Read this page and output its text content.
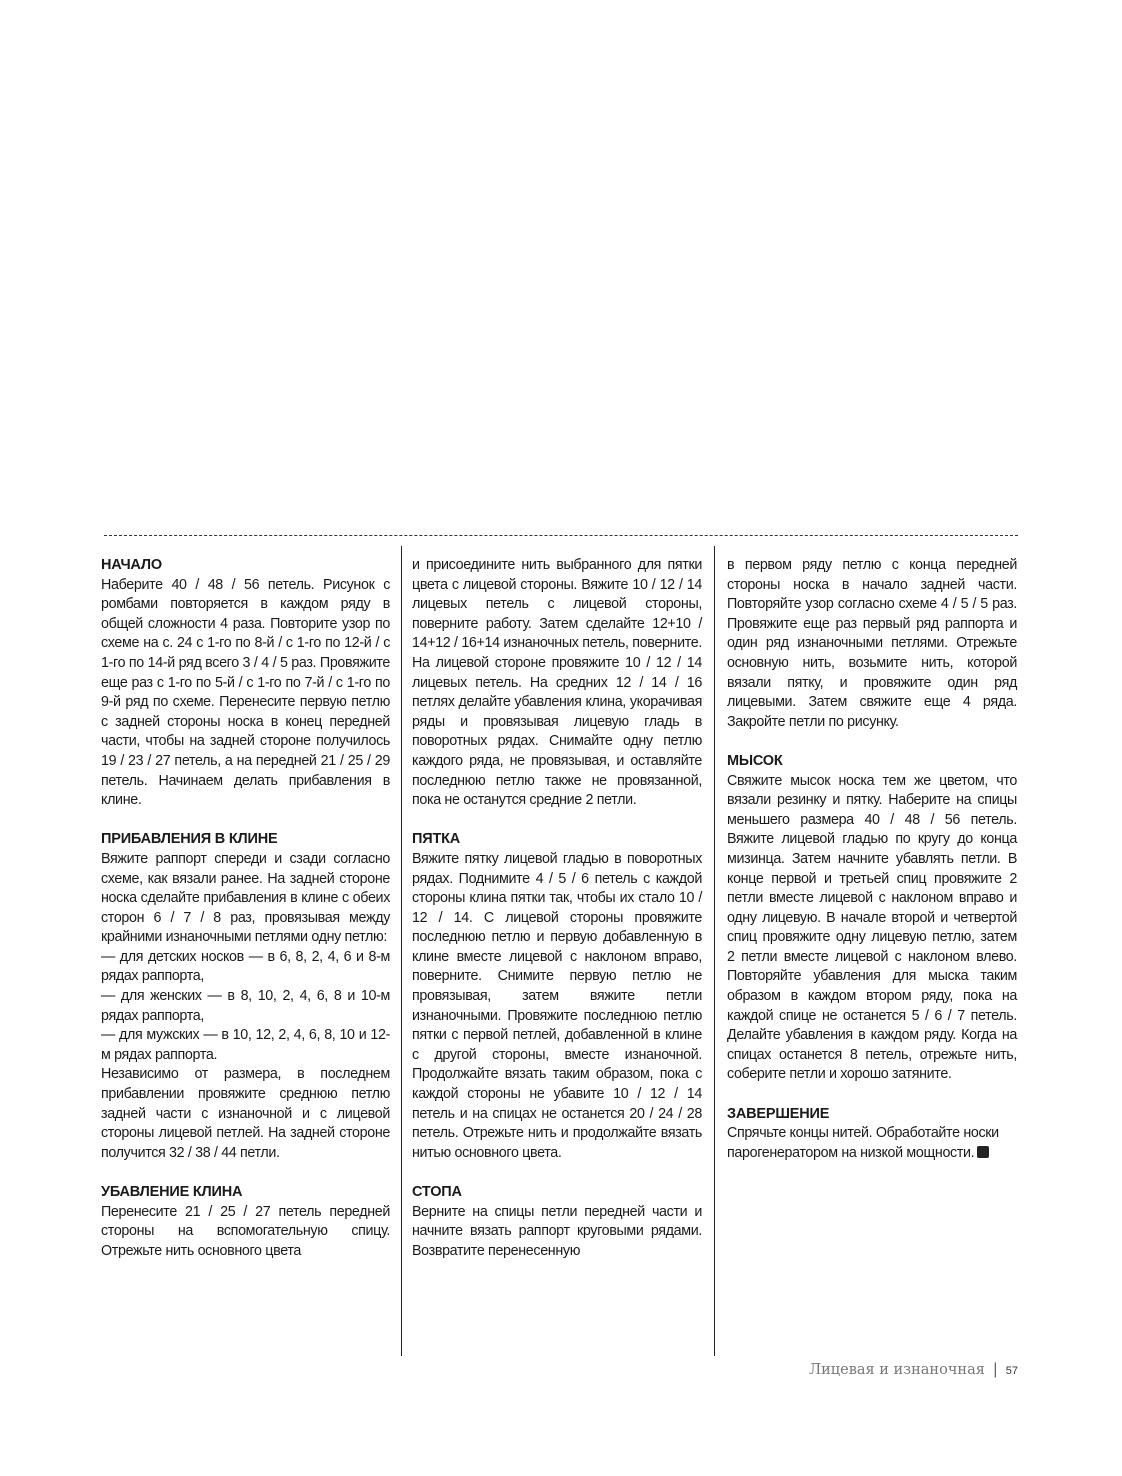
НАЧАЛО

Наберите 40 / 48 / 56 петель. Рисунок с ромбами повторяется в каждом ряду в общей сложности 4 раза. Повторите узор по схеме на с. 24 с 1-го по 8-й / с 1-го по 12-й / с 1-го по 14-й ряд всего 3 / 4 / 5 раз. Провяжите еще раз с 1-го по 5-й / с 1-го по 7-й / с 1-го по 9-й ряд по схеме. Перенесите первую петлю с задней стороны носка в конец передней части, чтобы на задней стороне получилось 19 / 23 / 27 петель, а на передней 21 / 25 / 29 петель. Начинаем делать прибавления в клине.

ПРИБАВЛЕНИЯ В КЛИНЕ

Вяжите раппорт спереди и сзади согласно схеме, как вязали ранее. На задней стороне носка сделайте прибавления в клине с обеих сторон 6 / 7 / 8 раз, провязывая между крайними изнаночными петлями одну петлю:

— для детских носков — в 6, 8, 2, 4, 6 и 8-м рядах раппорта,

— для женских — в 8, 10, 2, 4, 6, 8 и 10-м рядах раппорта,

— для мужских — в 10, 12, 2, 4, 6, 8, 10 и 12-м рядах раппорта.

Независимо от размера, в последнем прибавлении провяжите среднюю петлю задней части с изнаночной и с лицевой стороны лицевой петлей. На задней стороне получится 32 / 38 / 44 петли.

УБАВЛЕНИЕ КЛИНА

Перенесите 21 / 25 / 27 петель передней стороны на вспомогательную спицу. Отрежьте нить основного цвета

и присоедините нить выбранного для пятки цвета с лицевой стороны. Вяжите 10 / 12 / 14 лицевых петель с лицевой стороны, поверните работу. Затем сделайте 12+10 / 14+12 / 16+14 изнаночных петель, поверните. На лицевой стороне провяжите 10 / 12 / 14 лицевых петель. На средних 12 / 14 / 16 петлях делайте убавления клина, укорачивая ряды и провязывая лицевую гладь в поворотных рядах. Снимайте одну петлю каждого ряда, не провязывая, и оставляйте последнюю петлю также не провязанной, пока не останутся средние 2 петли.

ПЯТКА

Вяжите пятку лицевой гладью в поворотных рядах. Поднимите 4 / 5 / 6 петель с каждой стороны клина пятки так, чтобы их стало 10 / 12 / 14. С лицевой стороны провяжите последнюю петлю и первую добавленную в клине вместе лицевой с наклоном вправо, поверните. Снимите первую петлю не провязывая, затем вяжите петли изнаночными. Провяжите последнюю петлю пятки с первой петлей, добавленной в клине с другой стороны, вместе изнаночной. Продолжайте вязать таким образом, пока с каждой стороны не убавите 10 / 12 / 14 петель и на спицах не останется 20 / 24 / 28 петель. Отрежьте нить и продолжайте вязать нитью основного цвета.

СТОПА

Верните на спицы петли передней части и начните вязать раппорт круговыми рядами. Возвратите перенесенную

в первом ряду петлю с конца передней стороны носка в начало задней части. Повторяйте узор согласно схеме 4 / 5 / 5 раз. Провяжите еще раз первый ряд раппорта и один ряд изнаночными петлями. Отрежьте основную нить, возьмите нить, которой вязали пятку, и провяжите один ряд лицевыми. Затем свяжите еще 4 ряда. Закройте петли по рисунку.

МЫСОК

Свяжите мысок носка тем же цветом, что вязали резинку и пятку. Наберите на спицы меньшего размера 40 / 48 / 56 петель. Вяжите лицевой гладью по кругу до конца мизинца. Затем начните убавлять петли. В конце первой и третьей спиц провяжите 2 петли вместе лицевой с наклоном вправо и одну лицевую. В начале второй и четвертой спиц провяжите одну лицевую петлю, затем 2 петли вместе лицевой с наклоном влево. Повторяйте убавления для мыска таким образом в каждом втором ряду, пока на каждой спице не останется 5 / 6 / 7 петель. Делайте убавления в каждом ряду. Когда на спицах останется 8 петель, отрежьте нить, соберите петли и хорошо затяните.

ЗАВЕРШЕНИЕ

Спрячьте концы нитей. Обработайте носки парогенератором на низкой мощности.

Лицевая и изнаночная | 57
